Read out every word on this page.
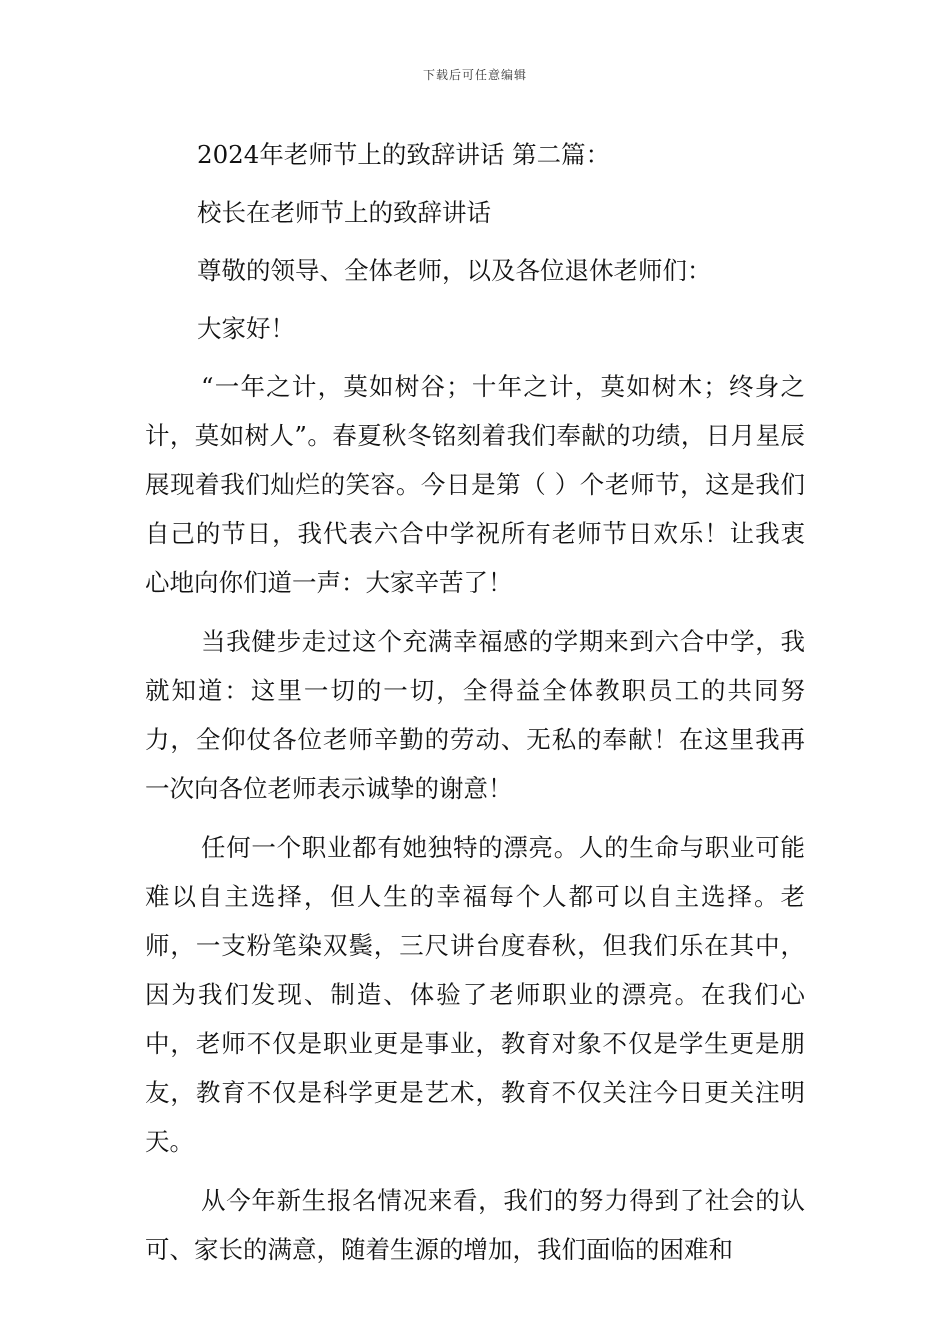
下载后可任意编辑

2024年老师节上的致辞讲话 第二篇：

校长在老师节上的致辞讲话

尊敬的领导、全体老师，以及各位退休老师们：

大家好！

“一年之计，莫如树谷；十年之计，莫如树木；终身之计，莫如树人”。春夏秋冬铭刻着我们奉献的功绩，日月星辰展现着我们灿烂的笑容。今日是第（ ）个老师节，这是我们自己的节日，我代表六合中学祝所有老师节日欢乐！让我衷心地向你们道一声：大家辛苦了！

当我健步走过这个充满幸福感的学期来到六合中学，我就知道：这里一切的一切，全得益全体教职员工的共同努力，全仰仗各位老师辛勤的劳动、无私的奉献！在这里我再一次向各位老师表示诚挚的谢意！

任何一个职业都有她独特的漂亮。人的生命与职业可能难以自主选择，但人生的幸福每个人都可以自主选择。老师，一支粉笔染双鬓，三尺讲台度春秋，但我们乐在其中，因为我们发现、制造、体验了老师职业的漂亮。在我们心中，老师不仅是职业更是事业，教育对象不仅是学生更是朋友，教育不仅是科学更是艺术，教育不仅关注今日更关注明天。

从今年新生报名情况来看，我们的努力得到了社会的认可、家长的满意，随着生源的增加，我们面临的困难和
